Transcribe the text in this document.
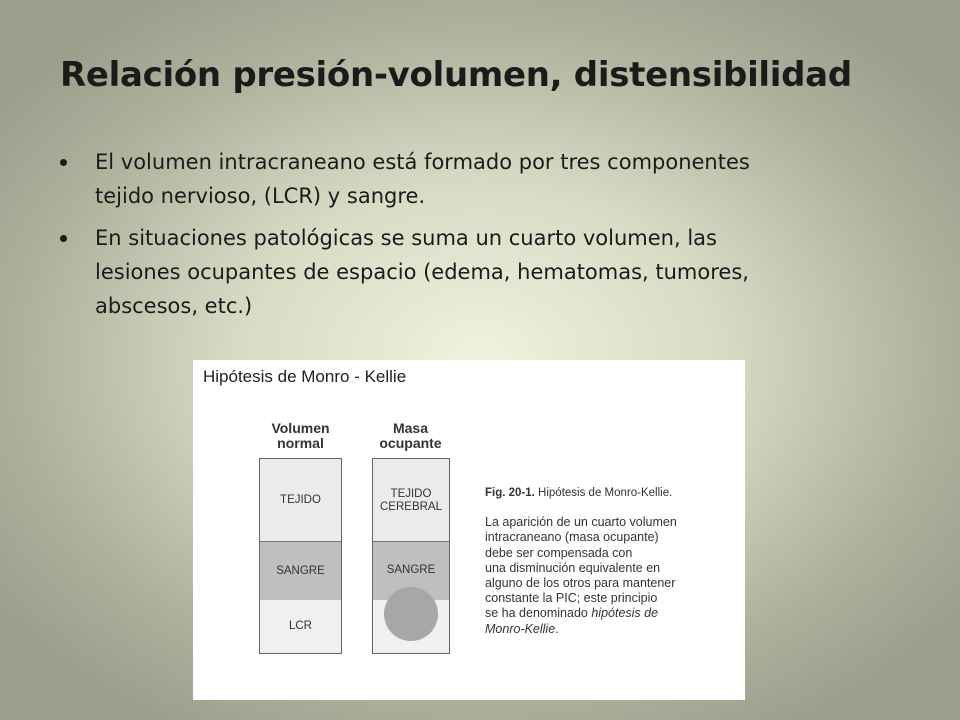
Relación presión-volumen, distensibilidad
El volumen intracraneano está formado por tres componentes
tejido nervioso, (LCR) y sangre.
En situaciones patológicas se suma un cuarto volumen, las
lesiones ocupantes de espacio (edema, hematomas, tumores,
abscesos, etc.)
Hipótesis de Monro - Kellie
Volumen
normal
TEJIDO
SANGRE
LCR
Masa
ocupante
TEJIDO
CEREBRAL
SANGRE
Fig. 20-1. Hipótesis de Monro-Kellie.
La aparición de un cuarto volumen
intracraneano (masa ocupante)
debe ser compensada con
una disminución equivalente en
alguno de los otros para mantener
constante la PIC; este principio
se ha denominado hipótesis de
Monro-Kellie.
